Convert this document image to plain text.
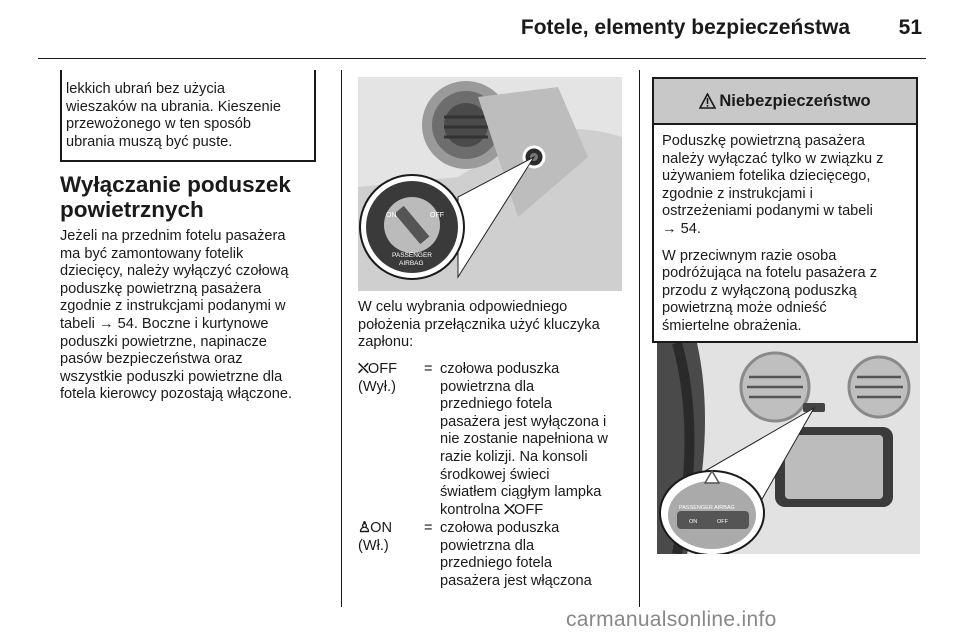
Fotele, elementy bezpieczeństwa	51
lekkich ubrań bez użycia
wieszaków na ubrania. Kieszenie
przewożonego w ten sposób
ubrania muszą być puste.
Wyłączanie poduszek
powietrznych
Jeżeli na przednim fotelu pasażera
ma być zamontowany fotelik
dziecięcy, należy wyłączyć czołową
poduszkę powietrzną pasażera
zgodnie z instrukcjami podanymi w
tabeli → 54. Boczne i kurtynowe
poduszki powietrzne, napinacze
pasów bezpieczeństwa oraz
wszystkie poduszki powietrzne dla
fotela kierowcy pozostają włączone.
ON	OFF
PASSENGER
AIRBAG
W celu wybrania odpowiedniego
położenia przełącznika użyć kluczyka
zapłonu:
⛌OFF
(Wył.)
= czołowa poduszka
powietrzna dla
przedniego fotela
pasażera jest wyłączona i
nie zostanie napełniona w
razie kolizji. Na konsoli
środkowej świeci
światłem ciągłym lampka
kontrolna ⛌OFF
♙ON
(Wł.)
= czołowa poduszka
powietrzna dla
przedniego fotela
pasażera jest włączona
Niebezpieczeństwo
Poduszkę powietrzną pasażera
należy wyłączać tylko w związku z
używaniem fotelika dziecięcego,
zgodnie z instrukcjami i
ostrzeżeniami podanymi w tabeli
→ 54.
W przeciwnym razie osoba
podróżująca na fotelu pasażera z
przodu z wyłączoną poduszką
powietrzną może odnieść
śmiertelne obrażenia.
PASSENGER AIRBAG
ON	OFF
carmanualsonline.info
